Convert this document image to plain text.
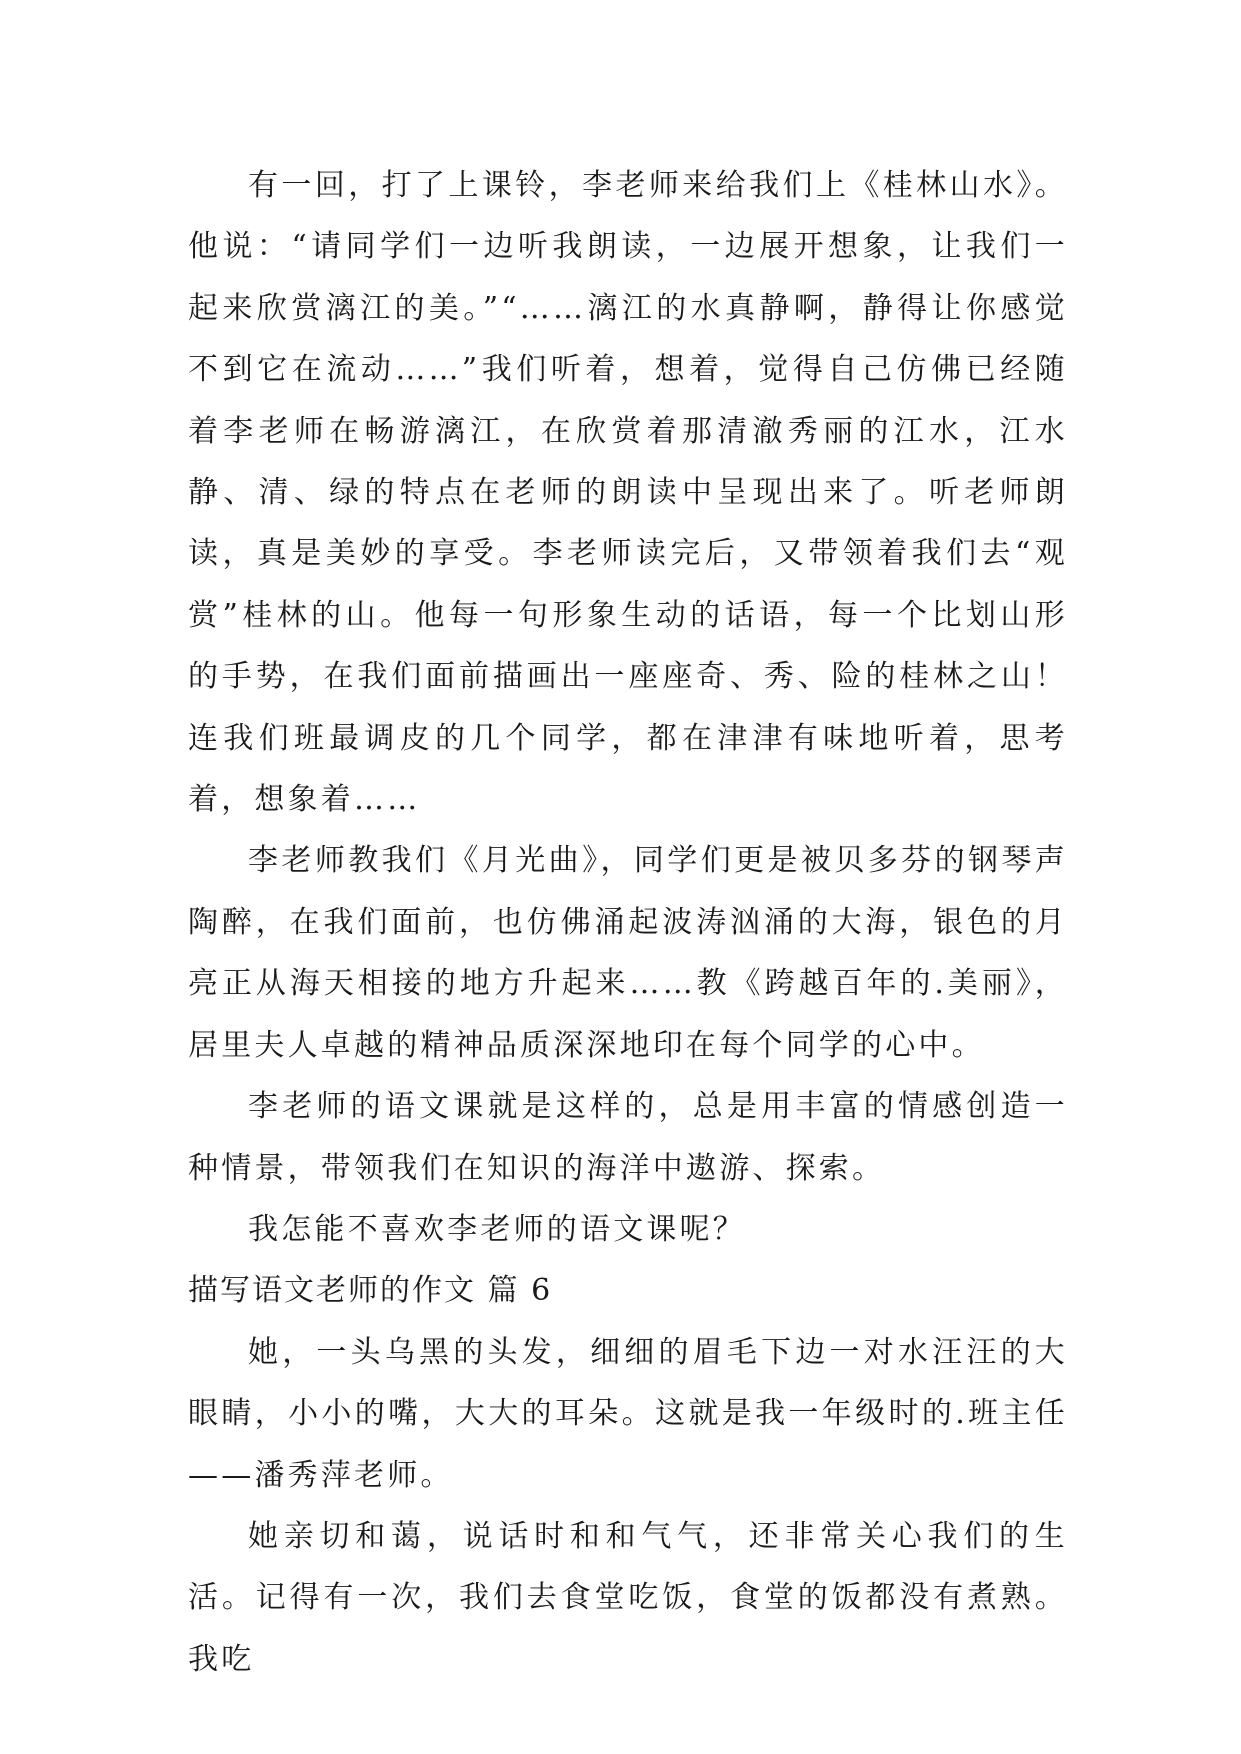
有一回，打了上课铃，李老师来给我们上《桂林山水》。他说：“请同学们一边听我朗读，一边展开想象，让我们一起来欣赏漓江的美。”“……漓江的水真静啊，静得让你感觉不到它在流动……”我们听着，想着，觉得自己仿佛已经随着李老师在畅游漓江，在欣赏着那清澈秀丽的江水，江水静、清、绿的特点在老师的朗读中呈现出来了。听老师朗读，真是美妙的享受。李老师读完后，又带领着我们去“观赏”桂林的山。他每一句形象生动的话语，每一个比划山形的手势，在我们面前描画出一座座奇、秀、险的桂林之山！连我们班最调皮的几个同学，都在津津有味地听着，思考着，想象着……

李老师教我们《月光曲》，同学们更是被贝多芬的钢琴声陶醉，在我们面前，也仿佛涌起波涛汹涌的大海，银色的月亮正从海天相接的地方升起来……教《跨越百年的.美丽》，居里夫人卓越的精神品质深深地印在每个同学的心中。

李老师的语文课就是这样的，总是用丰富的情感创造一种情景，带领我们在知识的海洋中遨游、探索。

我怎能不喜欢李老师的语文课呢？

描写语文老师的作文 篇 6

她，一头乌黑的头发，细细的眉毛下边一对水汪汪的大眼睛，小小的嘴，大大的耳朵。这就是我一年级时的.班主任——潘秀萍老师。

她亲切和蔼，说话时和和气气，还非常关心我们的生活。记得有一次，我们去食堂吃饭，食堂的饭都没有煮熟。我吃
